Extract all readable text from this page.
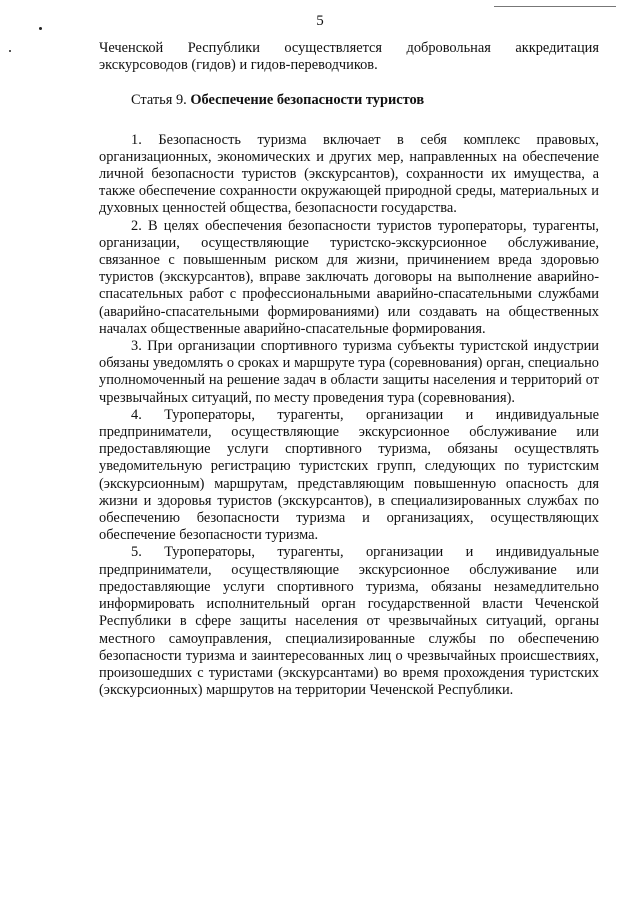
5

Чеченской Республики осуществляется добровольная аккредитация экскурсоводов (гидов) и гидов-переводчиков.

Статья 9. Обеспечение безопасности туристов

1. Безопасность туризма включает в себя комплекс правовых, организационных, экономических и других мер, направленных на обеспечение личной безопасности туристов (экскурсантов), сохранности их имущества, а также обеспечение сохранности окружающей природной среды, материальных и духовных ценностей общества, безопасности государства.

2. В целях обеспечения безопасности туристов туроператоры, турагенты, организации, осуществляющие туристско-экскурсионное обслуживание, связанное с повышенным риском для жизни, причинением вреда здоровью туристов (экскурсантов), вправе заключать договоры на выполнение аварийно-спасательных работ с профессиональными аварийно-спасательными службами (аварийно-спасательными формированиями) или создавать на общественных началах общественные аварийно-спасательные формирования.

3. При организации спортивного туризма субъекты туристской индустрии обязаны уведомлять о сроках и маршруте тура (соревнования) орган, специально уполномоченный на решение задач в области защиты населения и территорий от чрезвычайных ситуаций, по месту проведения тура (соревнования).

4. Туроператоры, турагенты, организации и индивидуальные предприниматели, осуществляющие экскурсионное обслуживание или предоставляющие услуги спортивного туризма, обязаны осуществлять уведомительную регистрацию туристских групп, следующих по туристским (экскурсионным) маршрутам, представляющим повышенную опасность для жизни и здоровья туристов (экскурсантов), в специализированных службах по обеспечению безопасности туризма и организациях, осуществляющих обеспечение безопасности туризма.

5. Туроператоры, турагенты, организации и индивидуальные предприниматели, осуществляющие экскурсионное обслуживание или предоставляющие услуги спортивного туризма, обязаны незамедлительно информировать исполнительный орган государственной власти Чеченской Республики в сфере защиты населения от чрезвычайных ситуаций, органы местного самоуправления, специализированные службы по обеспечению безопасности туризма и заинтересованных лиц о чрезвычайных происшествиях, произошедших с туристами (экскурсантами) во время прохождения туристских (экскурсионных) маршрутов на территории Чеченской Республики.
